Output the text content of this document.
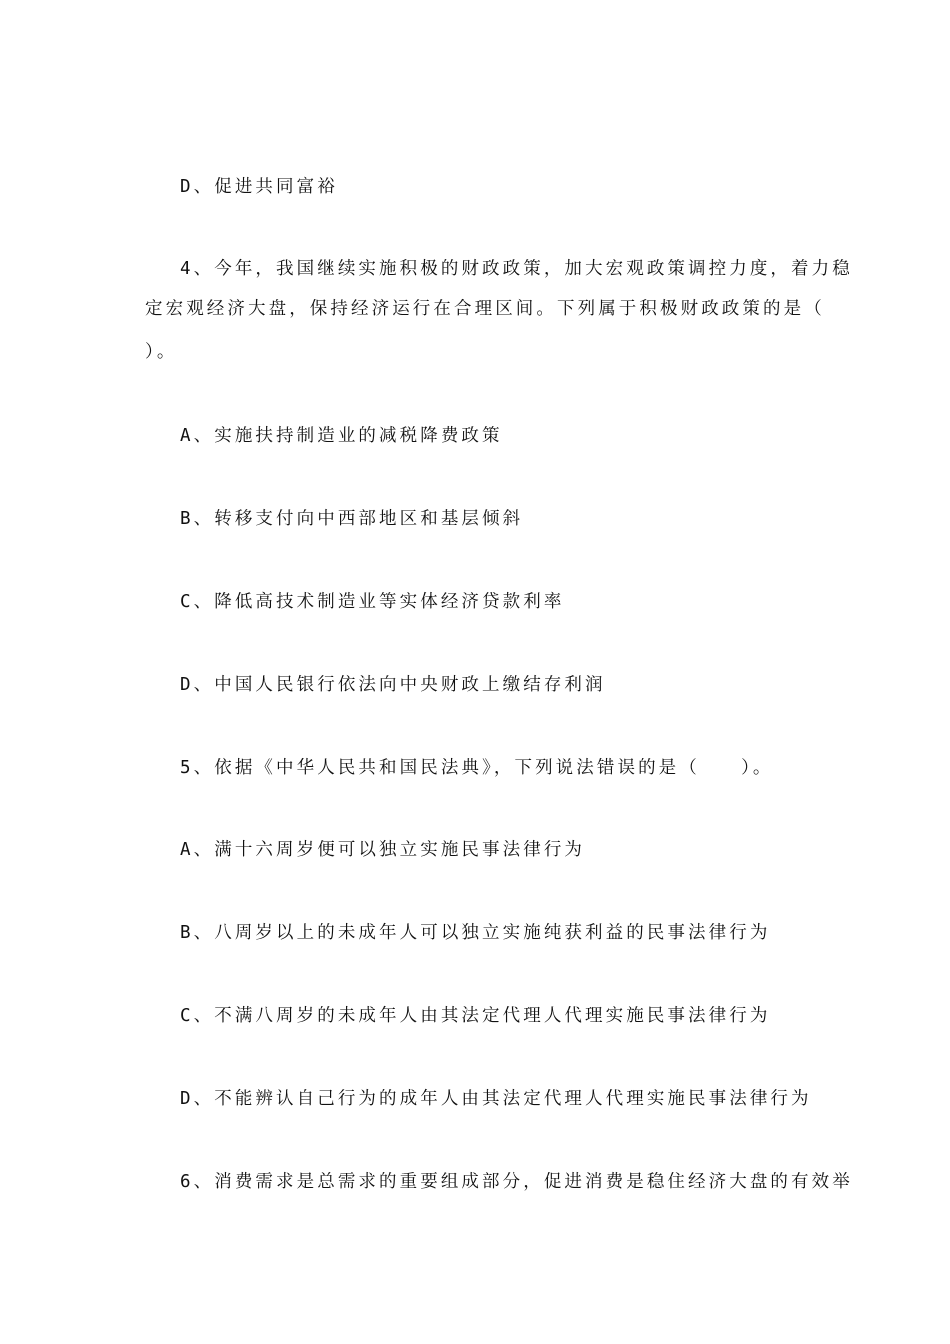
D、促进共同富裕
4、今年，我国继续实施积极的财政政策，加大宏观政策调控力度，着力稳
定宏观经济大盘，保持经济运行在合理区间。下列属于积极财政政策的是（
）。
A、实施扶持制造业的减税降费政策
B、转移支付向中西部地区和基层倾斜
C、降低高技术制造业等实体经济贷款利率
D、中国人民银行依法向中央财政上缴结存利润
5、依据《中华人民共和国民法典》，下列说法错误的是（　　）。
A、满十六周岁便可以独立实施民事法律行为
B、八周岁以上的未成年人可以独立实施纯获利益的民事法律行为
C、不满八周岁的未成年人由其法定代理人代理实施民事法律行为
D、不能辨认自己行为的成年人由其法定代理人代理实施民事法律行为
6、消费需求是总需求的重要组成部分，促进消费是稳住经济大盘的有效举
